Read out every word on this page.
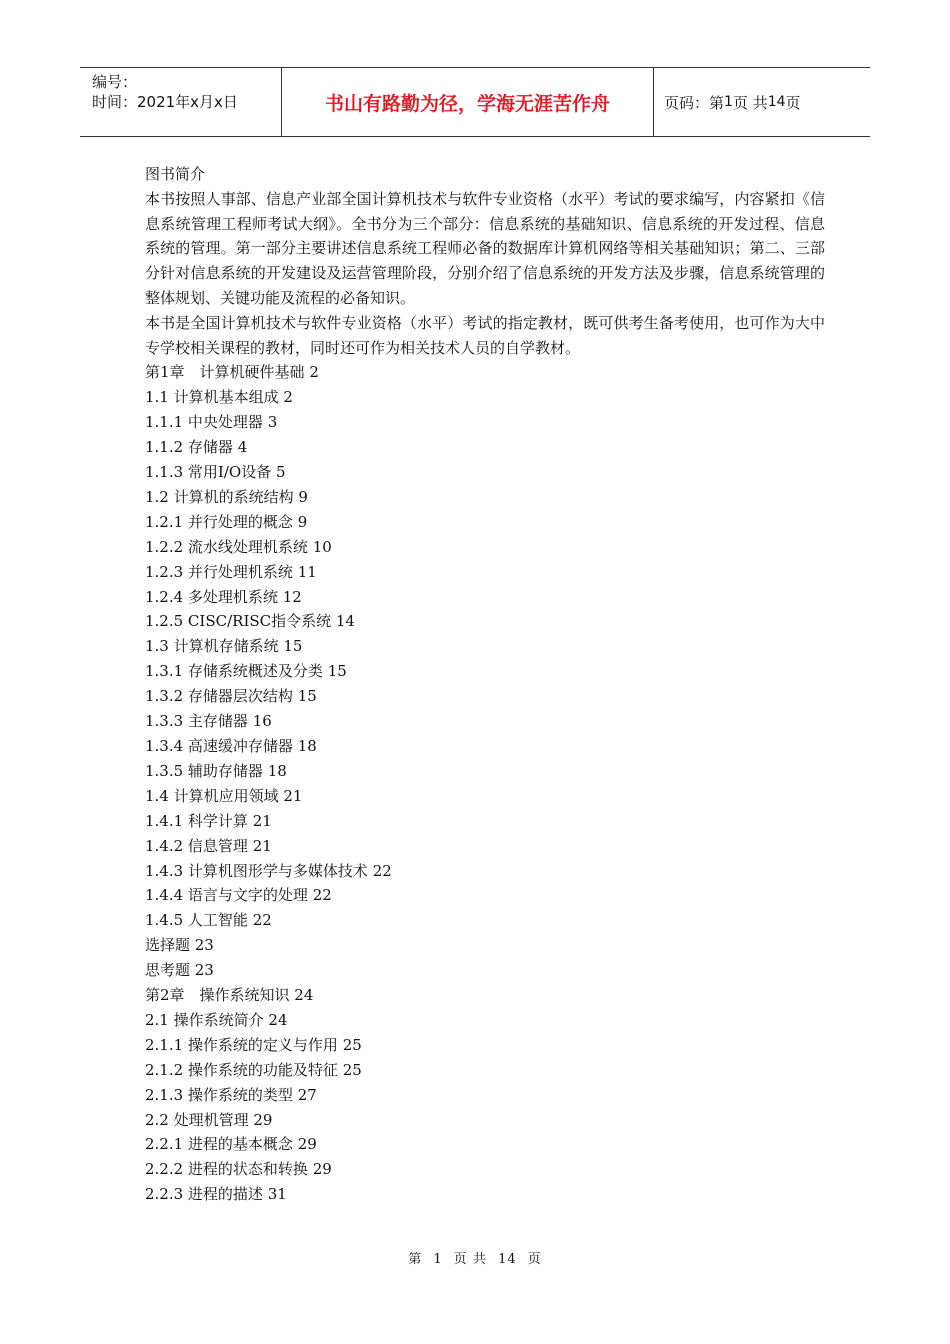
编号：
时间：2021年x月x日	书山有路勤为径，学海无涯苦作舟	页码：第 1 页 共 14 页
图书简介
本书按照人事部、信息产业部全国计算机技术与软件专业资格（水平）考试的要求编写，内容紧扣《信息系统管理工程师考试大纲》。全书分为三个部分：信息系统的基础知识、信息系统的开发过程、信息系统的管理。第一部分主要讲述信息系统工程师必备的数据库计算机网络等相关基础知识；第二、三部分针对信息系统的开发建设及运营管理阶段，分别介绍了信息系统的开发方法及步骤，信息系统管理的整体规划、关键功能及流程的必备知识。
本书是全国计算机技术与软件专业资格（水平）考试的指定教材，既可供考生备考使用，也可作为大中专学校相关课程的教材，同时还可作为相关技术人员的自学教材。
第1章　计算机硬件基础 2
1.1 计算机基本组成 2
1.1.1 中央处理器 3
1.1.2 存储器 4
1.1.3 常用I/O设备 5
1.2 计算机的系统结构 9
1.2.1 并行处理的概念 9
1.2.2 流水线处理机系统 10
1.2.3 并行处理机系统 11
1.2.4 多处理机系统 12
1.2.5 CISC/RISC指令系统 14
1.3 计算机存储系统 15
1.3.1 存储系统概述及分类 15
1.3.2 存储器层次结构 15
1.3.3 主存储器 16
1.3.4 高速缓冲存储器 18
1.3.5 辅助存储器 18
1.4 计算机应用领域 21
1.4.1 科学计算 21
1.4.2 信息管理 21
1.4.3 计算机图形学与多媒体技术 22
1.4.4 语言与文字的处理 22
1.4.5 人工智能 22
选择题 23
思考题 23
第2章　操作系统知识 24
2.1 操作系统简介 24
2.1.1 操作系统的定义与作用 25
2.1.2 操作系统的功能及特征 25
2.1.3 操作系统的类型 27
2.2 处理机管理 29
2.2.1 进程的基本概念 29
2.2.2 进程的状态和转换 29
2.2.3 进程的描述 31
第 1 页 共 14 页
